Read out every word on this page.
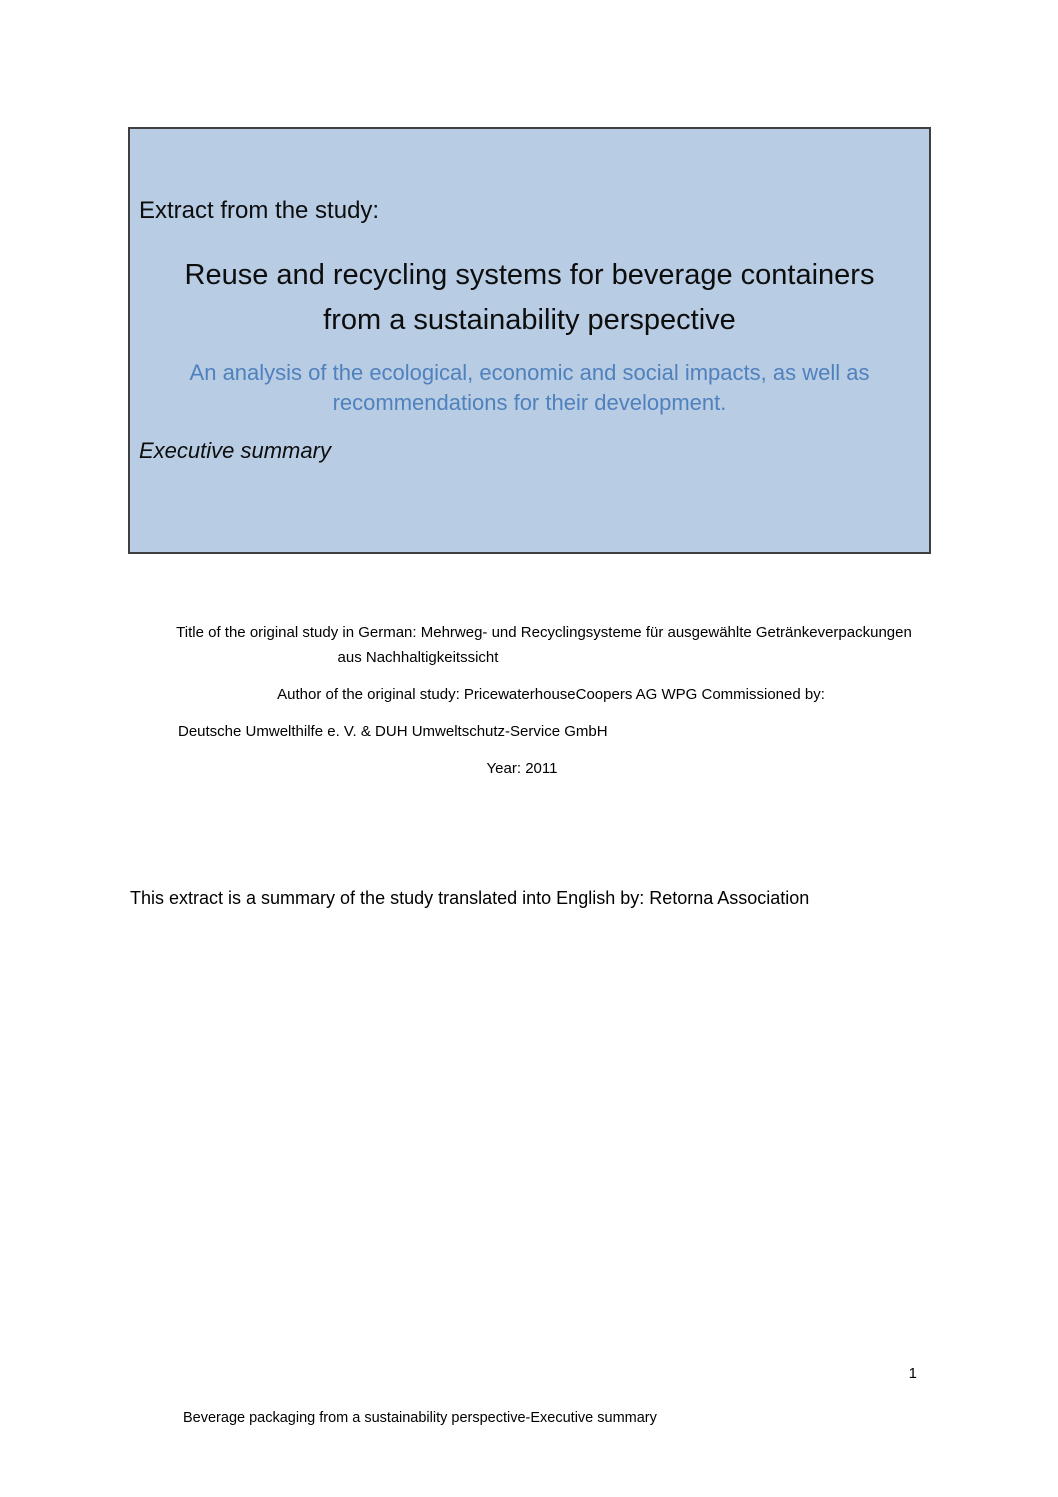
Extract from the study:
Reuse and recycling systems for beverage containers
from a sustainability perspective
An analysis of the ecological, economic and social impacts, as well as
recommendations for their development.
Executive summary
Title of the original study in German: Mehrweg- und Recyclingsysteme für ausgewählte Getränkeverpackungen
aus Nachhaltigkeitssicht
Author of the original study: PricewaterhouseCoopers AG WPG Commissioned by:
Deutsche Umwelthilfe e. V. & DUH Umweltschutz-Service GmbH
Year: 2011
This extract is a summary of the study translated into English by: Retorna Association
1
Beverage packaging from a sustainability perspective-Executive summary
